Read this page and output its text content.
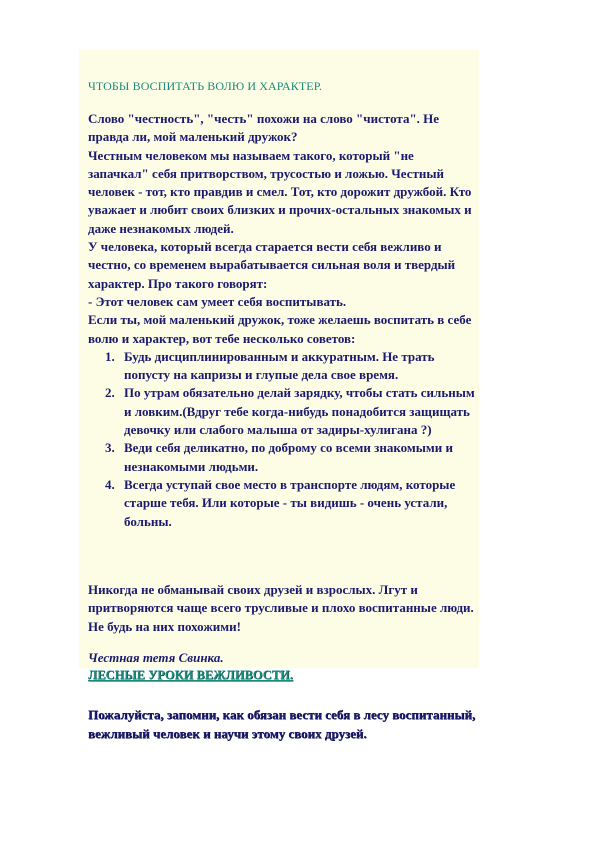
ЧТОБЫ ВОСПИТАТЬ ВОЛЮ И ХАРАКТЕР.

Слово "честность", "честь" похожи на слово "чистота". Не правда ли, мой маленький дружок?

Честным человеком мы называем такого, который "не запачкал" себя притворством, трусостью и ложью. Честный человек - тот, кто правдив и смел. Тот, кто дорожит дружбой. Кто уважает и любит своих близких и прочих-остальных знакомых и даже незнакомых людей.

У человека, который всегда старается вести себя вежливо и честно, со временем вырабатывается сильная воля и твердый характер. Про такого говорят:

- Этот человек сам умеет себя воспитывать.

Если ты, мой маленький дружок, тоже желаешь воспитать в себе волю и характер, вот тебе несколько советов:

Будь дисциплинированным и аккуратным. Не трать попусту на капризы и глупые дела свое время.
По утрам обязательно делай зарядку, чтобы стать сильным и ловким.(Вдруг тебе когда-нибудь понадобится защищать девочку или слабого малыша от задиры-хулигана ?)
Веди себя деликатно, по доброму со всеми знакомыми и незнакомыми людьми.
Всегда уступай свое место в транспорте людям, которые старше тебя. Или которые - ты видишь - очень устали, больны.
Никогда не обманывай своих друзей и взрослых. Лгут и притворяются чаще всего трусливые и плохо воспитанные люди. Не будь на них похожими!
Честная тетя Свинка.
ЛЕСНЫЕ УРОКИ ВЕЖЛИВОСТИ.
Пожалуйста, запомни, как обязан вести себя в лесу воспитанный, вежливый человек и научи этому своих друзей.
